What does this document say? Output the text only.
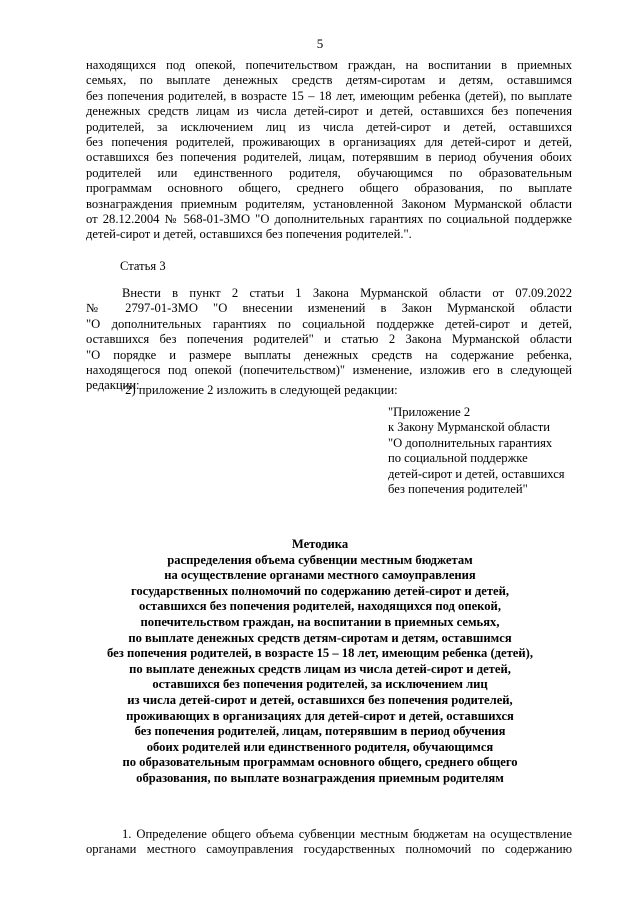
5
находящихся под опекой, попечительством граждан, на воспитании в приемных
семьях, по выплате денежных средств детям-сиротам и детям, оставшимся
без попечения родителей, в возрасте 15 – 18 лет, имеющим ребенка (детей), по выплате
денежных средств лицам из числа детей-сирот и детей, оставшихся без попечения
родителей, за исключением лиц из числа детей-сирот и детей, оставшихся
без попечения родителей, проживающих в организациях для детей-сирот и детей,
оставшихся без попечения родителей, лицам, потерявшим в период обучения обоих
родителей или единственного родителя, обучающимся по образовательным
программам основного общего, среднего общего образования, по выплате
вознаграждения приемным родителям, установленной Законом Мурманской области
от 28.12.2004 № 568-01-ЗМО "О дополнительных гарантиях по социальной поддержке
детей-сирот и детей, оставшихся без попечения родителей.".
Статья 3
Внести в пункт 2 статьи 1 Закона Мурманской области от 07.09.2022
№ 2797-01-ЗМО "О внесении изменений в Закон Мурманской области
"О дополнительных гарантиях по социальной поддержке детей-сирот и детей,
оставшихся без попечения родителей" и статью 2 Закона Мурманской области
"О порядке и размере выплаты денежных средств на содержание ребенка,
находящегося под опекой (попечительством)" изменение, изложив его в следующей
редакции:
"2) приложение 2 изложить в следующей редакции:
"Приложение 2
к Закону Мурманской области
"О дополнительных гарантиях
по социальной поддержке
детей-сирот и детей, оставшихся
без попечения родителей"
Методика
распределения объема субвенции местным бюджетам
на осуществление органами местного самоуправления
государственных полномочий по содержанию детей-сирот и детей,
оставшихся без попечения родителей, находящихся под опекой,
попечительством граждан, на воспитании в приемных семьях,
по выплате денежных средств детям-сиротам и детям, оставшимся
без попечения родителей, в возрасте 15 – 18 лет, имеющим ребенка (детей),
по выплате денежных средств лицам из числа детей-сирот и детей,
оставшихся без попечения родителей, за исключением лиц
из числа детей-сирот и детей, оставшихся без попечения родителей,
проживающих в организациях для детей-сирот и детей, оставшихся
без попечения родителей, лицам, потерявшим в период обучения
обоих родителей или единственного родителя, обучающимся
по образовательным программам основного общего, среднего общего
образования, по выплате вознаграждения приемным родителям
1. Определение общего объема субвенции местным бюджетам на осуществление
органами местного самоуправления государственных полномочий по содержанию
